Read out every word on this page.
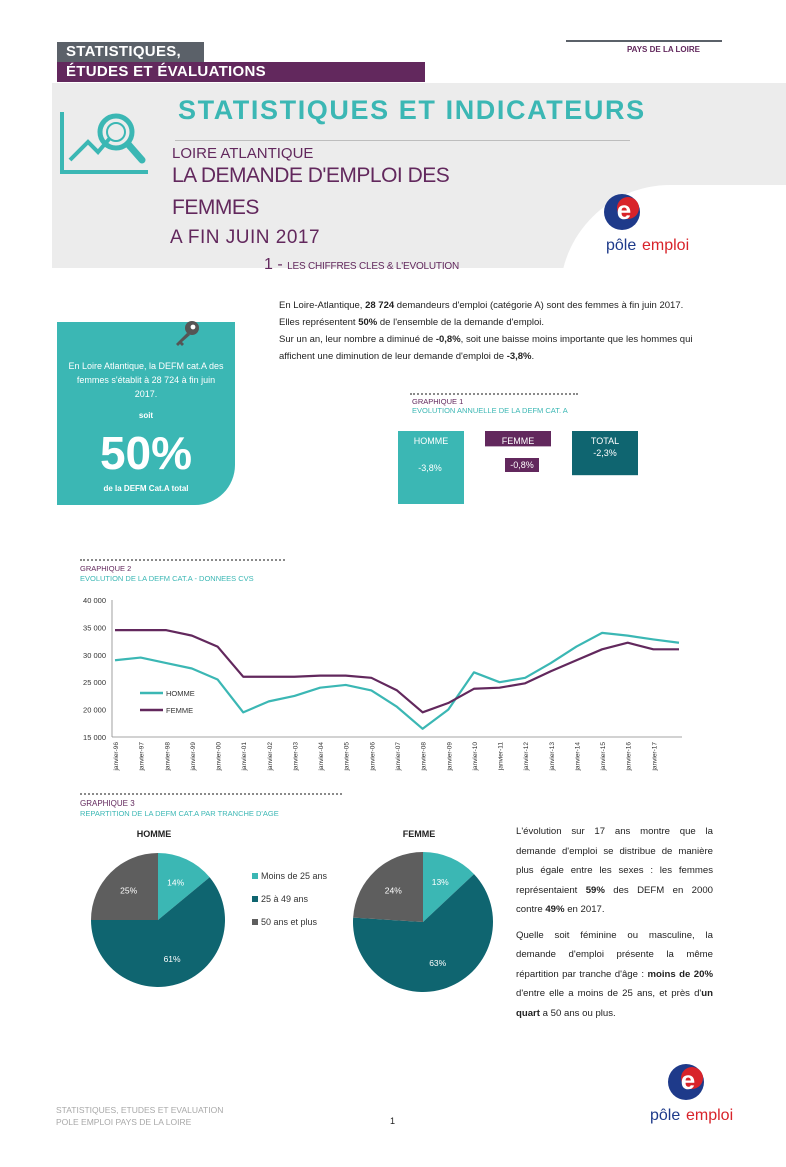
STATISTIQUES,
ÉTUDES ET ÉVALUATIONS
PAYS DE LA LOIRE
STATISTIQUES ET INDICATEURS
LOIRE ATLANTIQUE
LA DEMANDE D'EMPLOI DES FEMMES
A FIN JUIN 2017
e
pôle emploi
1 - LES CHIFFRES CLES & L'EVOLUTION

En Loire-Atlantique, 28 724 demandeurs d'emploi (catégorie A) sont des femmes à fin juin 2017.

Elles représentent 50% de l'ensemble de la demande d'emploi.

Sur un an, leur nombre a diminué de -0,8%, soit une baisse moins importante que les hommes qui affichent une diminution de leur demande d'emploi de -3,8%.

En Loire Atlantique, la DEFM cat.A des femmes s'établit à 28 724 à fin juin 2017.
soit
50%
de la DEFM Cat.A total
GRAPHIQUE 1
EVOLUTION ANNUELLE DE LA DEFM CAT. A
HOMME
-3,8%
FEMME
-0,8%
TOTAL
-2,3%
GRAPHIQUE 2
EVOLUTION DE LA DEFM CAT.A - DONNEES CVS
15 000
20 000
25 000
30 000
35 000
40 000
janvier-96	janvier-97	janvier-98	janvier-99	janvier-00	janvier-01	janvier-02	janvier-03	janvier-04	janvier-05	janvier-06	janvier-07	janvier-08	janvier-09	janvier-10	janvier-11	janvier-12	janvier-13	janvier-14	janvier-15	janvier-16	janvier-17
HOMME
FEMME
GRAPHIQUE 3
REPARTITION DE LA DEFM CAT.A PAR TRANCHE D'AGE
HOMME
14%
61%
25%
FEMME
13%
63%
24%
Moins de 25 ans
25 à 49 ans
50 ans et plus

L'évolution sur 17 ans montre que la demande d'emploi se distribue de manière plus égale entre les sexes : les femmes représentaient 59% des DEFM en 2000 contre 49% en 2017.

Quelle soit féminine ou masculine, la demande d'emploi présente la même répartition par tranche d'âge : moins de 20% d'entre elle a moins de 25 ans, et près d'un quart a 50 ans ou plus.

STATISTIQUES, ETUDES ET EVALUATION
POLE EMPLOI PAYS DE LA LOIRE	1
e
pôle emploi
